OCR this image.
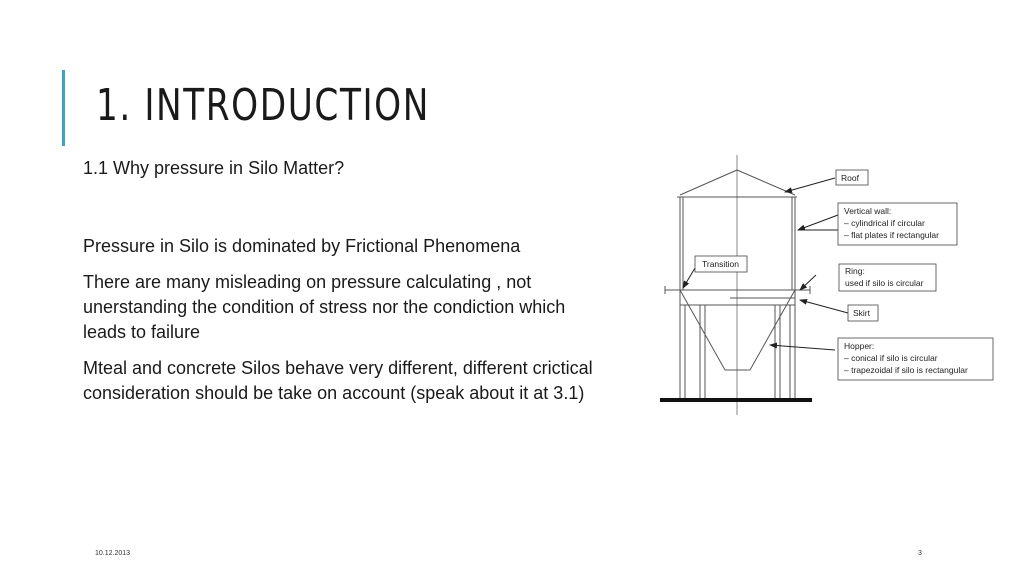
1. INTRODUCTION

1.1 Why pressure in Silo Matter?

Pressure in Silo is dominated by Frictional Phenomena

There are many misleading on pressure calculating , not unerstanding the condition of stress nor the condiction which leads to failure

Mteal and concrete Silos behave very different, different crictical consideration should be take on account (speak about it at 3.1)

Roof
Vertical wall:
– cylindrical if circular
– flat plates if rectangular
Transition
Ring:
used if silo is circular
Skirt
Hopper:
– conical if silo is circular
– trapezoidal if silo is rectangular
10.12.2013	3
